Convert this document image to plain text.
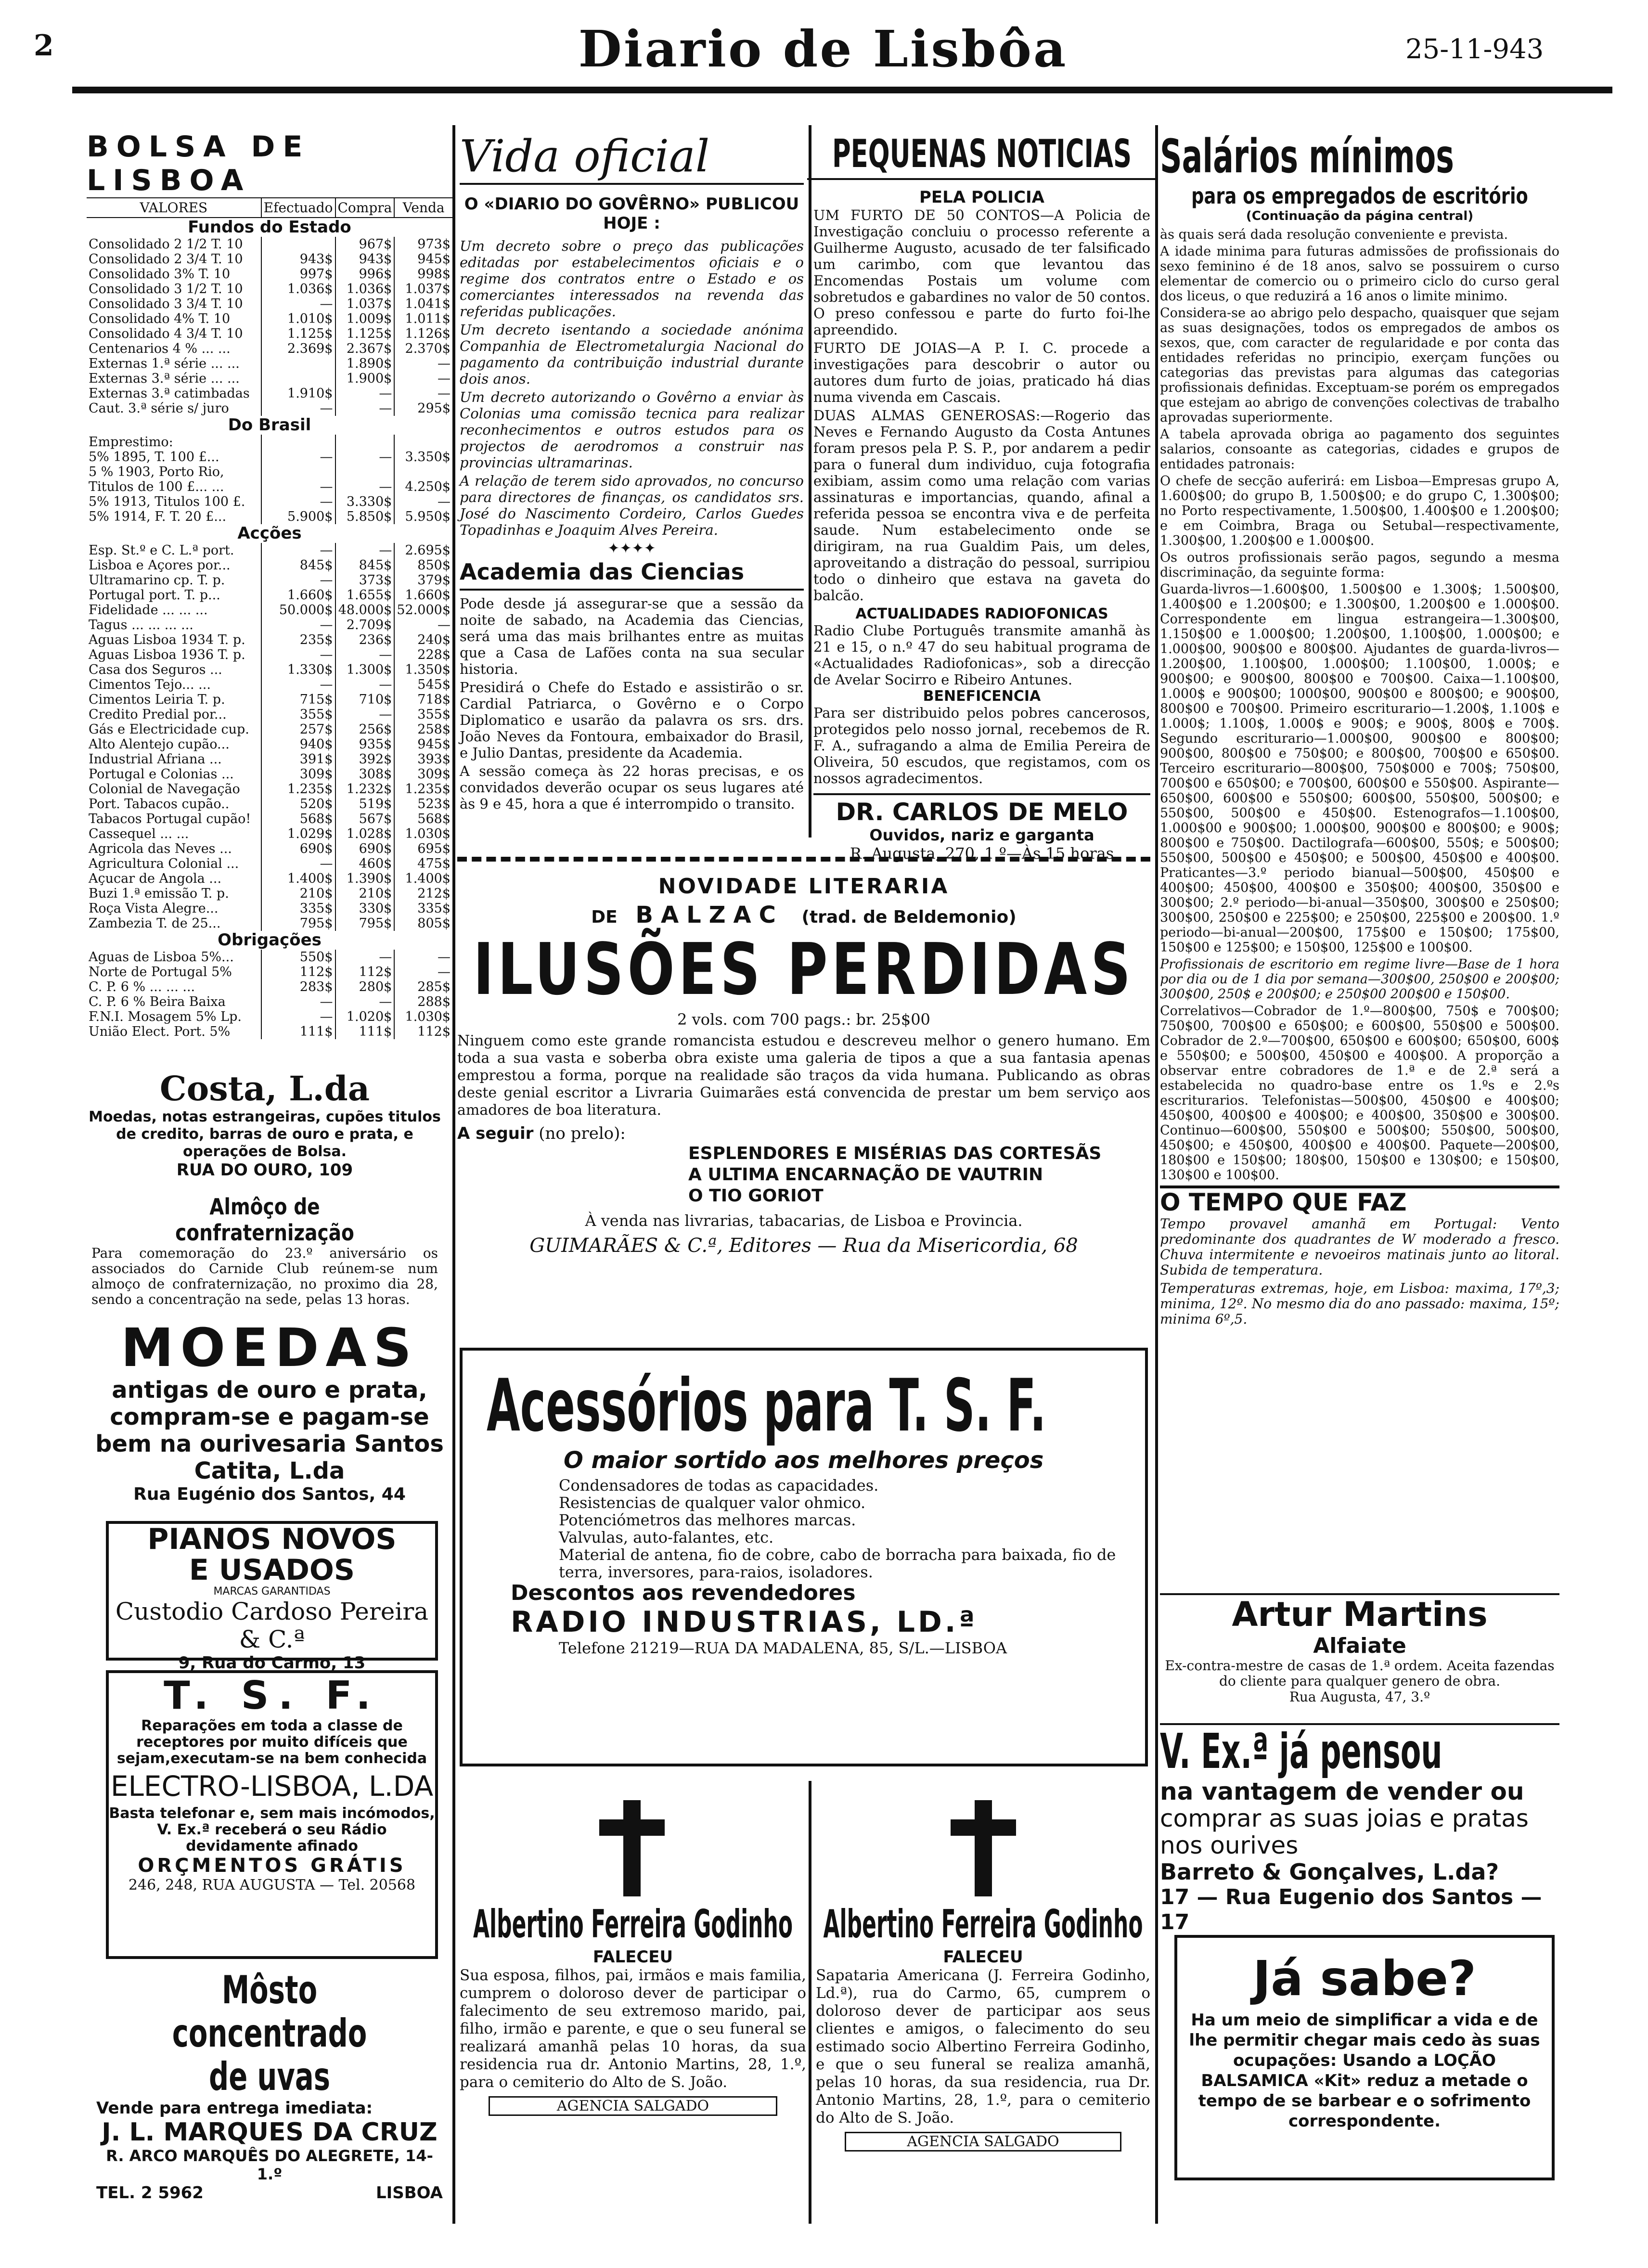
2	Diario de Lisbôa	25-11-943
BOLSA DE LISBOA
VALORES	Efectuado	Compra	Venda
Fundos do Estado			
Consolidado 2 1/2 T. 10		967$	973$
Consolidado 2 3/4 T. 10	943$	943$	945$
Consolidado 3% T. 10	997$	996$	998$
Consolidado 3 1/2 T. 10	1.036$	1.036$	1.037$
Consolidado 3 3/4 T. 10	—	1.037$	1.041$
Consolidado 4% T. 10	1.010$	1.009$	1.011$
Consolidado 4 3/4 T. 10	1.125$	1.125$	1.126$
Centenarios 4 % ... ...	2.369$	2.367$	2.370$
Externas 1.ª série ... ...		1.890$	—
Externas 3.ª série ... ...		1.900$	—
Externas 3.ª catimbadas	1.910$	—	—
Caut. 3.ª série s/ juro	—	—	295$
Do Brasil			
Emprestimo:			
5% 1895, T. 100 £...	—	—	3.350$
5 % 1903, Porto Rio,			
Titulos de 100 £... ...	—	—	4.250$
5% 1913, Titulos 100 £.	—	3.330$	—
5% 1914, F. T. 20 £...	5.900$	5.850$	5.950$
Acções			
Esp. St.º e C. L.ª port.	—	—	2.695$
Lisboa e Açores por...	845$	845$	850$
Ultramarino cp. T. p.	—	373$	379$
Portugal port. T. p...	1.660$	1.655$	1.660$
Fidelidade ... ... ...	50.000$	48.000$	52.000$
Tagus ... ... ... ...	—	2.709$	—
Aguas Lisboa 1934 T. p.	235$	236$	240$
Aguas Lisboa 1936 T. p.	—	—	228$
Casa dos Seguros ...	1.330$	1.300$	1.350$
Cimentos Tejo... ...	—	—	545$
Cimentos Leiria T. p.	715$	710$	718$
Credito Predial por...	355$	—	355$
Gás e Electricidade cup.	257$	256$	258$
Alto Alentejo cupão...	940$	935$	945$
Industrial Afriana ...	391$	392$	393$
Portugal e Colonias ...	309$	308$	309$
Colonial de Navegação	1.235$	1.232$	1.235$
Port. Tabacos cupão..	520$	519$	523$
Tabacos Portugal cupão!	568$	567$	568$
Cassequel ... ...	1.029$	1.028$	1.030$
Agricola das Neves ...	690$	690$	695$
Agricultura Colonial ...	—	460$	475$
Açucar de Angola ...	1.400$	1.390$	1.400$
Buzi 1.ª emissão T. p.	210$	210$	212$
Roça Vista Alegre...	335$	330$	335$
Zambezia T. de 25...	795$	795$	805$
Obrigações			
Aguas de Lisboa 5%...	550$	—	—
Norte de Portugal 5%	112$	112$	—
C. P. 6 % ... ... ...	283$	280$	285$
C. P. 6 % Beira Baixa	—	—	288$
F.N.I. Mosagem 5% Lp.	—	1.020$	1.030$
União Elect. Port. 5%	111$	111$	112$
Costa, L.da
Moedas, notas estrangeiras, cupões titulos de credito, barras de ouro e prata, e operações de Bolsa.
RUA DO OURO, 109
Almôço de confraternização
Para comemoração do 23.º aniversário os associados do Carnide Club reúnem-se num almoço de confraternização, no proximo dia 28, sendo a concentração na sede, pelas 13 horas.
MOEDAS
antigas de ouro e prata, compram-se e pagam-se bem na ourivesaria Santos Catita, L.da
Rua Eugénio dos Santos, 44
PIANOS NOVOS
E USADOS
MARCAS GARANTIDAS
Custodio Cardoso Pereira & C.ª
9, Rua do Carmo, 13
T. S. F.
Reparações em toda a classe de receptores por muito difíceis que sejam,executam-se na bem conhecida
ELECTRO-LISBOA, L.DA
Basta telefonar e, sem mais incómodos, V. Ex.ª receberá o seu Rádio devidamente afinado
ORÇMENTOS GRÁTIS
246, 248, RUA AUGUSTA — Tel. 20568
Môsto concentrado
de uvas
Vende para entrega imediata:
J. L. MARQUES DA CRUZ
R. ARCO MARQUÊS DO ALEGRETE, 14-1.º
TEL. 2 5962	LISBOA
Vida oficial
O «DIARIO DO GOVÊRNO» PUBLICOU HOJE :

Um decreto sobre o preço das publicações editadas por estabelecimentos oficiais e o regime dos contratos entre o Estado e os comerciantes interessados na revenda das referidas publicações.

Um decreto isentando a sociedade anónima Companhia de Electrometalurgia Nacional do pagamento da contribuição industrial durante dois anos.

Um decreto autorizando o Govêrno a enviar às Colonias uma comissão tecnica para realizar reconhecimentos e outros estudos para os projectos de aerodromos a construir nas provincias ultramarinas.

A relação de terem sido aprovados, no concurso para directores de finanças, os candidatos srs. José do Nascimento Cordeiro, Carlos Guedes Topadinhas e Joaquim Alves Pereira.

✦✦✦✦
Academia das Ciencias

Pode desde já assegurar-se que a sessão da noite de sabado, na Academia das Ciencias, será uma das mais brilhantes entre as muitas que a Casa de Lafões conta na sua secular historia.

Presidirá o Chefe do Estado e assistirão o sr. Cardial Patriarca, o Govêrno e o Corpo Diplomatico e usarão da palavra os srs. drs. João Neves da Fontoura, embaixador do Brasil, e Julio Dantas, presidente da Academia.

A sessão começa às 22 horas precisas, e os convidados deverão ocupar os seus lugares até às 9 e 45, hora a que é interrompido o transito.

PEQUENAS NOTICIAS
PELA POLICIA

UM FURTO DE 50 CONTOS—A Policia de Investigação concluiu o processo referente a Guilherme Augusto, acusado de ter falsificado um carimbo, com que levantou das Encomendas Postais um volume com sobretudos e gabardines no valor de 50 contos. O preso confessou e parte do furto foi-lhe apreendido.

FURTO DE JOIAS—A P. I. C. procede a investigações para descobrir o autor ou autores dum furto de joias, praticado há dias numa vivenda em Cascais.

DUAS ALMAS GENEROSAS:—Rogerio das Neves e Fernando Augusto da Costa Antunes foram presos pela P. S. P., por andarem a pedir para o funeral dum individuo, cuja fotografia exibiam, assim como uma relação com varias assinaturas e importancias, quando, afinal a referida pessoa se encontra viva e de perfeita saude. Num estabelecimento onde se dirigiram, na rua Gualdim Pais, um deles, aproveitando a distração do pessoal, surripiou todo o dinheiro que estava na gaveta do balcão.

ACTUALIDADES RADIOFONICAS
Radio Clube Português transmite amanhã às 21 e 15, o n.º 47 do seu habitual programa de «Actualidades Radiofonicas», sob a direcção de Avelar Socirro e Ribeiro Antunes.
BENEFICENCIA
Para ser distribuido pelos pobres cancerosos, protegidos pelo nosso jornal, recebemos de R. F. A., sufragando a alma de Emilia Pereira de Oliveira, 50 escudos, que registamos, com os nossos agradecimentos.
DR. CARLOS DE MELO
Ouvidos, nariz e garganta
R. Augusta, 270, 1.º—Às 15 horas
NOVIDADE LITERARIA
DE BALZAC (trad. de Beldemonio)
ILUSÕES PERDIDAS
2 vols. com 700 pags.: br. 25$00
Ninguem como este grande romancista estudou e descreveu melhor o genero humano. Em toda a sua vasta e soberba obra existe uma galeria de tipos a que a sua fantasia apenas emprestou a forma, porque na realidade são traços da vida humana. Publicando as obras deste genial escritor a Livraria Guimarães está convencida de prestar um bem serviço aos amadores de boa literatura.
A seguir (no prelo):
ESPLENDORES E MISÉRIAS DAS CORTESÃS
A ULTIMA ENCARNAÇÃO DE VAUTRIN
O TIO GORIOT
À venda nas livrarias, tabacarias, de Lisboa e Provincia.
GUIMARÃES & C.ª, Editores — Rua da Misericordia, 68
Acessórios para T. S. F.
O maior sortido aos melhores preços
Condensadores de todas as capacidades.
Resistencias de qualquer valor ohmico.
Potenciómetros das melhores marcas.
Valvulas, auto-falantes, etc.
Material de antena, fio de cobre, cabo de borracha para baixada, fio de terra, inversores, para-raios, isoladores.
Descontos aos revendedores
RADIO INDUSTRIAS, LD.ª
Telefone 21219—RUA DA MADALENA, 85, S/L.—LISBOA
Albertino Ferreira Godinho
FALECEU
Sua esposa, filhos, pai, irmãos e mais familia, cumprem o doloroso dever de participar o falecimento de seu extremoso marido, pai, filho, irmão e parente, e que o seu funeral se realizará amanhã pelas 10 horas, da sua residencia rua dr. Antonio Martins, 28, 1.º, para o cemiterio do Alto de S. João.
AGENCIA SALGADO
Albertino Ferreira Godinho
FALECEU
Sapataria Americana (J. Ferreira Godinho, Ld.ª), rua do Carmo, 65, cumprem o doloroso dever de participar aos seus clientes e amigos, o falecimento do seu estimado socio Albertino Ferreira Godinho, e que o seu funeral se realiza amanhã, pelas 10 horas, da sua residencia, rua Dr. Antonio Martins, 28, 1.º, para o cemiterio do Alto de S. João.
AGENCIA SALGADO
Salários mínimos
para os empregados de escritório
(Continuação da página central)

às quais será dada resolução conveniente e prevista.

A idade minima para futuras admissões de profissionais do sexo feminino é de 18 anos, salvo se possuirem o curso elementar de comercio ou o primeiro ciclo do curso geral dos liceus, o que reduzirá a 16 anos o limite minimo.

Considera-se ao abrigo pelo despacho, quaisquer que sejam as suas designações, todos os empregados de ambos os sexos, que, com caracter de regularidade e por conta das entidades referidas no principio, exerçam funções ou categorias das previstas para algumas das categorias profissionais definidas. Exceptuam-se porém os empregados que estejam ao abrigo de convenções colectivas de trabalho aprovadas superiormente.

A tabela aprovada obriga ao pagamento dos seguintes salarios, consoante as categorias, cidades e grupos de entidades patronais:

O chefe de secção auferirá: em Lisboa—Empresas grupo A, 1.600$00; do grupo B, 1.500$00; e do grupo C, 1.300$00; no Porto respectivamente, 1.500$00, 1.400$00 e 1.200$00; e em Coimbra, Braga ou Setubal—respectivamente, 1.300$00, 1.200$00 e 1.000$00.

Os outros profissionais serão pagos, segundo a mesma discriminação, da seguinte forma:

Guarda-livros—1.600$00, 1.500$00 e 1.300$; 1.500$00, 1.400$00 e 1.200$00; e 1.300$00, 1.200$00 e 1.000$00. Correspondente em lingua estrangeira—1.300$00, 1.150$00 e 1.000$00; 1.200$00, 1.100$00, 1.000$00; e 1.000$00, 900$00 e 800$00. Ajudantes de guarda-livros—1.200$00, 1.100$00, 1.000$00; 1.100$00, 1.000$; e 900$00; e 900$00, 800$00 e 700$00. Caixa—1.100$00, 1.000$ e 900$00; 1000$00, 900$00 e 800$00; e 900$00, 800$00 e 700$00. Primeiro escriturario—1.200$, 1.100$ e 1.000$; 1.100$, 1.000$ e 900$; e 900$, 800$ e 700$. Segundo escriturario—1.000$00, 900$00 e 800$00; 900$00, 800$00 e 750$00; e 800$00, 700$00 e 650$00. Terceiro escriturario—800$00, 750$000 e 700$; 750$00, 700$00 e 650$00; e 700$00, 600$00 e 550$00. Aspirante—650$00, 600$00 e 550$00; 600$00, 550$00, 500$00; e 550$00, 500$00 e 450$00. Estenografos—1.100$00, 1.000$00 e 900$00; 1.000$00, 900$00 e 800$00; e 900$; 800$00 e 750$00. Dactilografa—600$00, 550$; e 500$00; 550$00, 500$00 e 450$00; e 500$00, 450$00 e 400$00. Praticantes—3.º periodo bianual—500$00, 450$00 e 400$00; 450$00, 400$00 e 350$00; 400$00, 350$00 e 300$00; 2.º periodo—bi-anual—350$00, 300$00 e 250$00; 300$00, 250$00 e 225$00; e 250$00, 225$00 e 200$00. 1.º periodo—bi-anual—200$00, 175$00 e 150$00; 175$00, 150$00 e 125$00; e 150$00, 125$00 e 100$00.

Profissionais de escritorio em regime livre—Base de 1 hora por dia ou de 1 dia por semana—300$00, 250$00 e 200$00; 300$00, 250$ e 200$00; e 250$00 200$00 e 150$00.

Correlativos—Cobrador de 1.º—800$00, 750$ e 700$00; 750$00, 700$00 e 650$00; e 600$00, 550$00 e 500$00. Cobrador de 2.º—700$00, 650$00 e 600$00; 650$00, 600$ e 550$00; e 500$00, 450$00 e 400$00. A proporção a observar entre cobradores de 1.ª e de 2.ª será a estabelecida no quadro-base entre os 1.ºs e 2.ºs escriturarios. Telefonistas—500$00, 450$00 e 400$00; 450$00, 400$00 e 400$00; e 400$00, 350$00 e 300$00. Continuo—600$00, 550$00 e 500$00; 550$00, 500$00, 450$00; e 450$00, 400$00 e 400$00. Paquete—200$00, 180$00 e 150$00; 180$00, 150$00 e 130$00; e 150$00, 130$00 e 100$00.

O TEMPO QUE FAZ
Tempo provavel amanhã em Portugal: Vento predominante dos quadrantes de W moderado a fresco. Chuva intermitente e nevoeiros matinais junto ao litoral. Subida de temperatura.
Temperaturas extremas, hoje, em Lisboa: maxima, 17º,3; minima, 12º. No mesmo dia do ano passado: maxima, 15º; minima 6º,5.
Artur Martins
Alfaiate
Ex-contra-mestre de casas de 1.ª ordem. Aceita fazendas do cliente para qualquer genero de obra.
Rua Augusta, 47, 3.º
V. Ex.ª já pensou
na vantagem de vender ou
comprar as suas joias e pratas nos ourives
Barreto & Gonçalves, L.da?
17 — Rua Eugenio dos Santos — 17
Já sabe?
Ha um meio de simplificar a vida e de lhe permitir chegar mais cedo às suas ocupações: Usando a LOÇÃO BALSAMICA «Kit» reduz a metade o tempo de se barbear e o sofrimento correspondente.
